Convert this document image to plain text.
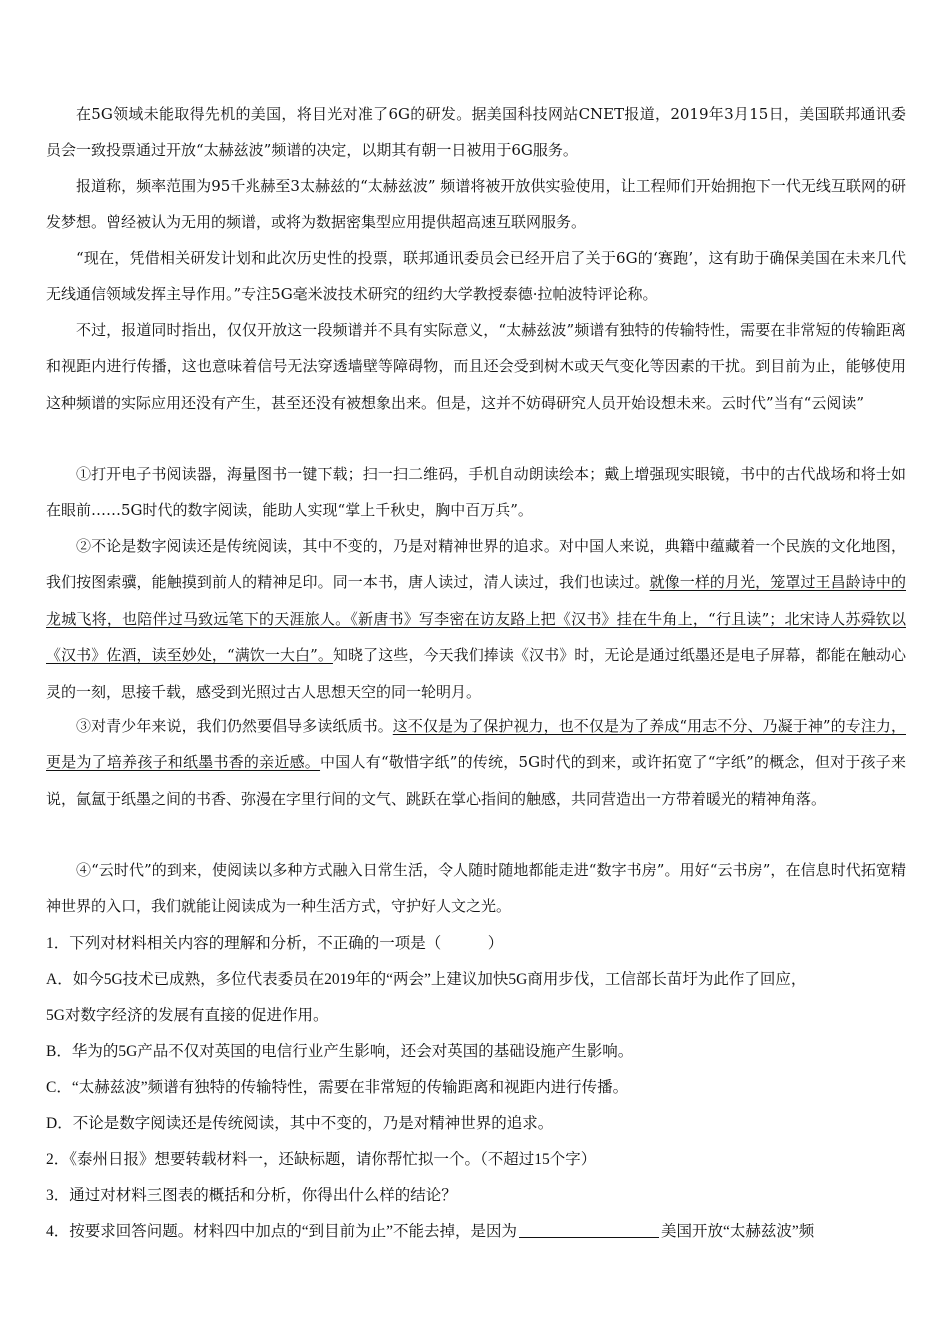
在5G领域未能取得先机的美国，将目光对准了6G的研发。据美国科技网站CNET报道，2019年3月15日，美国联邦通讯委员会一致投票通过开放“太赫兹波”频谱的决定，以期其有朝一日被用于6G服务。

报道称，频率范围为95千兆赫至3太赫兹的“太赫兹波” 频谱将被开放供实验使用，让工程师们开始拥抱下一代无线互联网的研发梦想。曾经被认为无用的频谱，或将为数据密集型应用提供超高速互联网服务。

“现在，凭借相关研发计划和此次历史性的投票，联邦通讯委员会已经开启了关于6G的‘赛跑’，这有助于确保美国在未来几代无线通信领域发挥主导作用。”专注5G毫米波技术研究的纽约大学教授泰德·拉帕波特评论称。

不过，报道同时指出，仅仅开放这一段频谱并不具有实际意义，“太赫兹波”频谱有独特的传输特性，需要在非常短的传输距离和视距内进行传播，这也意味着信号无法穿透墙壁等障碍物，而且还会受到树木或天气变化等因素的干扰。到目前为止，能够使用这种频谱的实际应用还没有产生，甚至还没有被想象出来。但是，这并不妨碍研究人员开始设想未来。云时代”当有“云阅读”

①打开电子书阅读器，海量图书一键下载；扫一扫二维码，手机自动朗读绘本；戴上增强现实眼镜，书中的古代战场和将士如在眼前……5G时代的数字阅读，能助人实现“掌上千秋史，胸中百万兵”。

②不论是数字阅读还是传统阅读，其中不变的，乃是对精神世界的追求。对中国人来说，典籍中蕴藏着一个民族的文化地图，我们按图索骥，能触摸到前人的精神足印。同一本书，唐人读过，清人读过，我们也读过。就像一样的月光，笼罩过王昌龄诗中的龙城飞将，也陪伴过马致远笔下的天涯旅人。《新唐书》写李密在访友路上把《汉书》挂在牛角上，“行且读”；北宋诗人苏舜钦以《汉书》佐酒，读至妙处，“满饮一大白”。知晓了这些，今天我们捧读《汉书》时，无论是通过纸墨还是电子屏幕，都能在触动心灵的一刻，思接千载，感受到光照过古人思想天空的同一轮明月。

③对青少年来说，我们仍然要倡导多读纸质书。这不仅是为了保护视力，也不仅是为了养成“用志不分、乃凝于神”的专注力，更是为了培养孩子和纸墨书香的亲近感。中国人有“敬惜字纸”的传统，5G时代的到来，或许拓宽了“字纸”的概念，但对于孩子来说，氤氲于纸墨之间的书香、弥漫在字里行间的文气、跳跃在掌心指间的触感，共同营造出一方带着暖光的精神角落。

④“云时代”的到来，使阅读以多种方式融入日常生活，令人随时随地都能走进“数字书房”。用好“云书房”，在信息时代拓宽精神世界的入口，我们就能让阅读成为一种生活方式，守护好人文之光。

1．下列对材料相关内容的理解和分析，不正确的一项是（　　　）

A．如今5G技术已成熟，多位代表委员在2019年的“两会”上建议加快5G商用步伐，工信部长苗圩为此作了回应，

5G对数字经济的发展有直接的促进作用。

B．华为的5G产品不仅对英国的电信行业产生影响，还会对英国的基础设施产生影响。

C．“太赫兹波”频谱有独特的传输特性，需要在非常短的传输距离和视距内进行传播。

D．不论是数字阅读还是传统阅读，其中不变的，乃是对精神世界的追求。

2．《泰州日报》想要转载材料一，还缺标题，请你帮忙拟一个。（不超过15个字）

3．通过对材料三图表的概括和分析，你得出什么样的结论？

4．按要求回答问题。材料四中加点的“到目前为止”不能去掉，是因为	美国开放“太赫兹波”频
